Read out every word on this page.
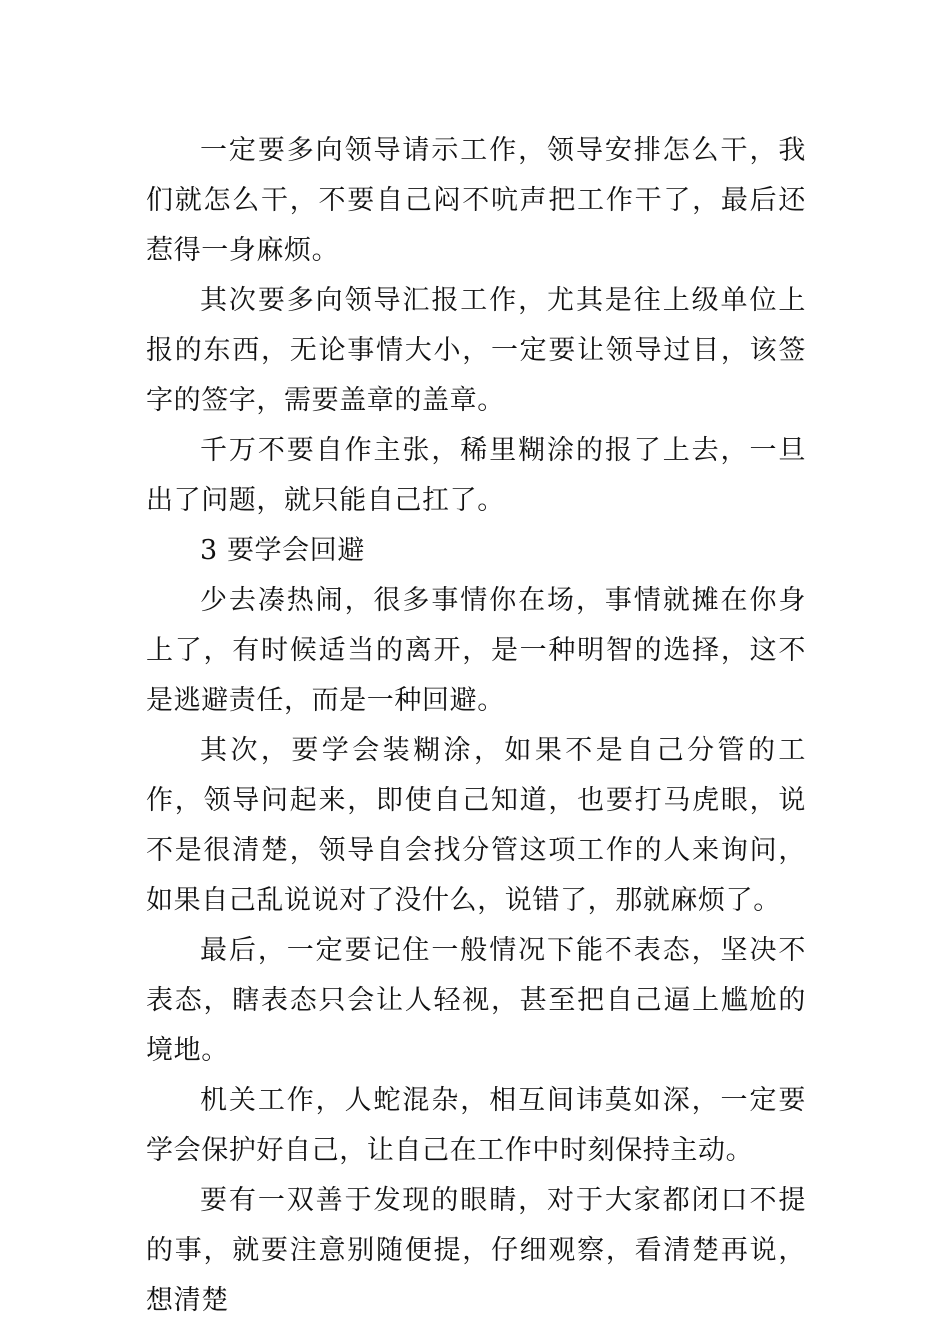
一定要多向领导请示工作，领导安排怎么干，我们就怎么干，不要自己闷不吭声把工作干了，最后还惹得一身麻烦。

其次要多向领导汇报工作，尤其是往上级单位上报的东西，无论事情大小，一定要让领导过目，该签字的签字，需要盖章的盖章。

千万不要自作主张，稀里糊涂的报了上去，一旦出了问题，就只能自己扛了。

3 要学会回避

少去凑热闹，很多事情你在场，事情就摊在你身上了，有时候适当的离开，是一种明智的选择，这不是逃避责任，而是一种回避。

其次，要学会装糊涂，如果不是自己分管的工作，领导问起来，即使自己知道，也要打马虎眼，说不是很清楚，领导自会找分管这项工作的人来询问，如果自己乱说说对了没什么，说错了，那就麻烦了。

最后，一定要记住一般情况下能不表态，坚决不表态，瞎表态只会让人轻视，甚至把自己逼上尴尬的境地。

机关工作，人蛇混杂，相互间讳莫如深，一定要学会保护好自己，让自己在工作中时刻保持主动。

要有一双善于发现的眼睛，对于大家都闭口不提的事，就要注意别随便提，仔细观察，看清楚再说，想清楚
